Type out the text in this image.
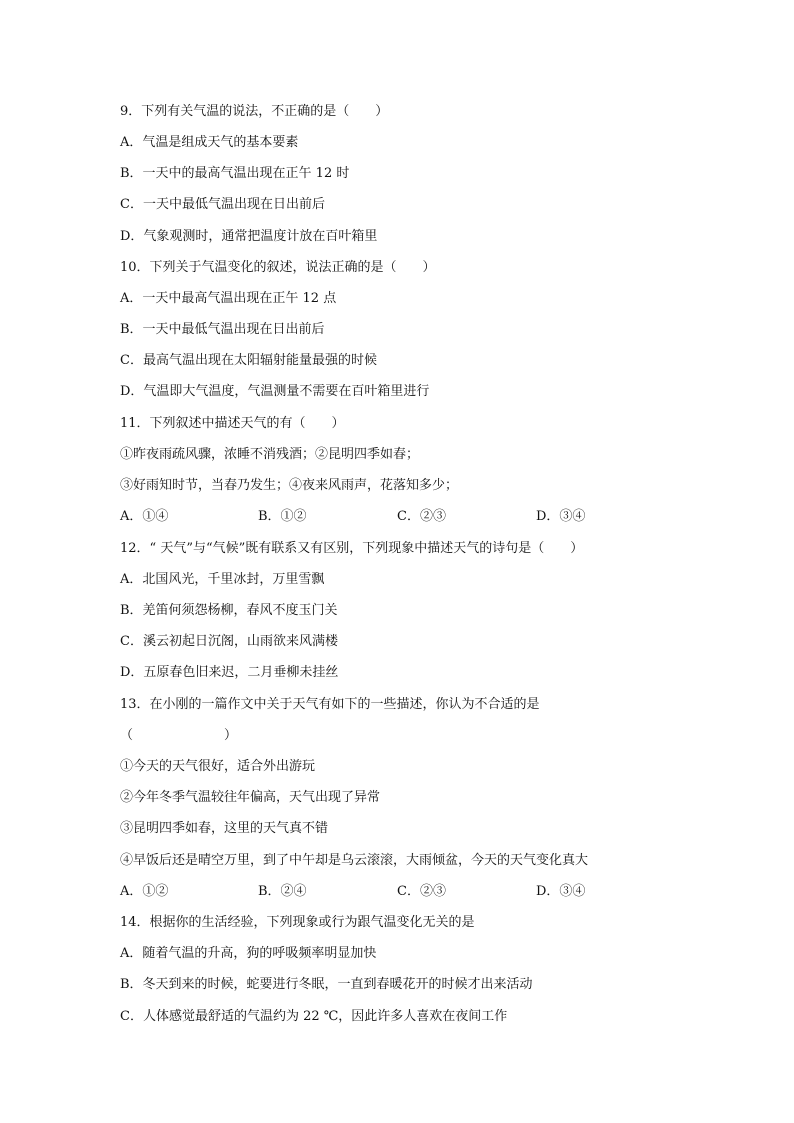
9．下列有关气温的说法，不正确的是（　　）
A．气温是组成天气的基本要素
B．一天中的最高气温出现在正午 12 时
C．一天中最低气温出现在日出前后
D．气象观测时，通常把温度计放在百叶箱里
10．下列关于气温变化的叙述，说法正确的是（　　）
A．一天中最高气温出现在正午 12 点
B．一天中最低气温出现在日出前后
C．最高气温出现在太阳辐射能量最强的时候
D．气温即大气温度，气温测量不需要在百叶箱里进行
11．下列叙述中描述天气的有（　　）
①昨夜雨疏风骤，浓睡不消残酒；②昆明四季如春；
③好雨知时节，当春乃发生；④夜来风雨声，花落知多少；
A．①④	B．①②	C．②③	D．③④
12．“ 天气”与“气候”既有联系又有区别，下列现象中描述天气的诗句是（　　）
A．北国风光，千里冰封，万里雪飘
B．羌笛何须怨杨柳，春风不度玉门关
C．溪云初起日沉阁，山雨欲来风满楼
D．五原春色旧来迟，二月垂柳未挂丝
13．在小刚的一篇作文中关于天气有如下的一些描述，你认为不合适的是
（　　　　　　　）
①今天的天气很好，适合外出游玩
②今年冬季气温较往年偏高，天气出现了异常
③昆明四季如春，这里的天气真不错
④早饭后还是晴空万里，到了中午却是乌云滚滚，大雨倾盆，今天的天气变化真大
A．①②	B．②④	C．②③	D．③④
14．根据你的生活经验，下列现象或行为跟气温变化无关的是
A．随着气温的升高，狗的呼吸频率明显加快
B．冬天到来的时候，蛇要进行冬眠，一直到春暖花开的时候才出来活动
C．人体感觉最舒适的气温约为 22 ℃，因此许多人喜欢在夜间工作
